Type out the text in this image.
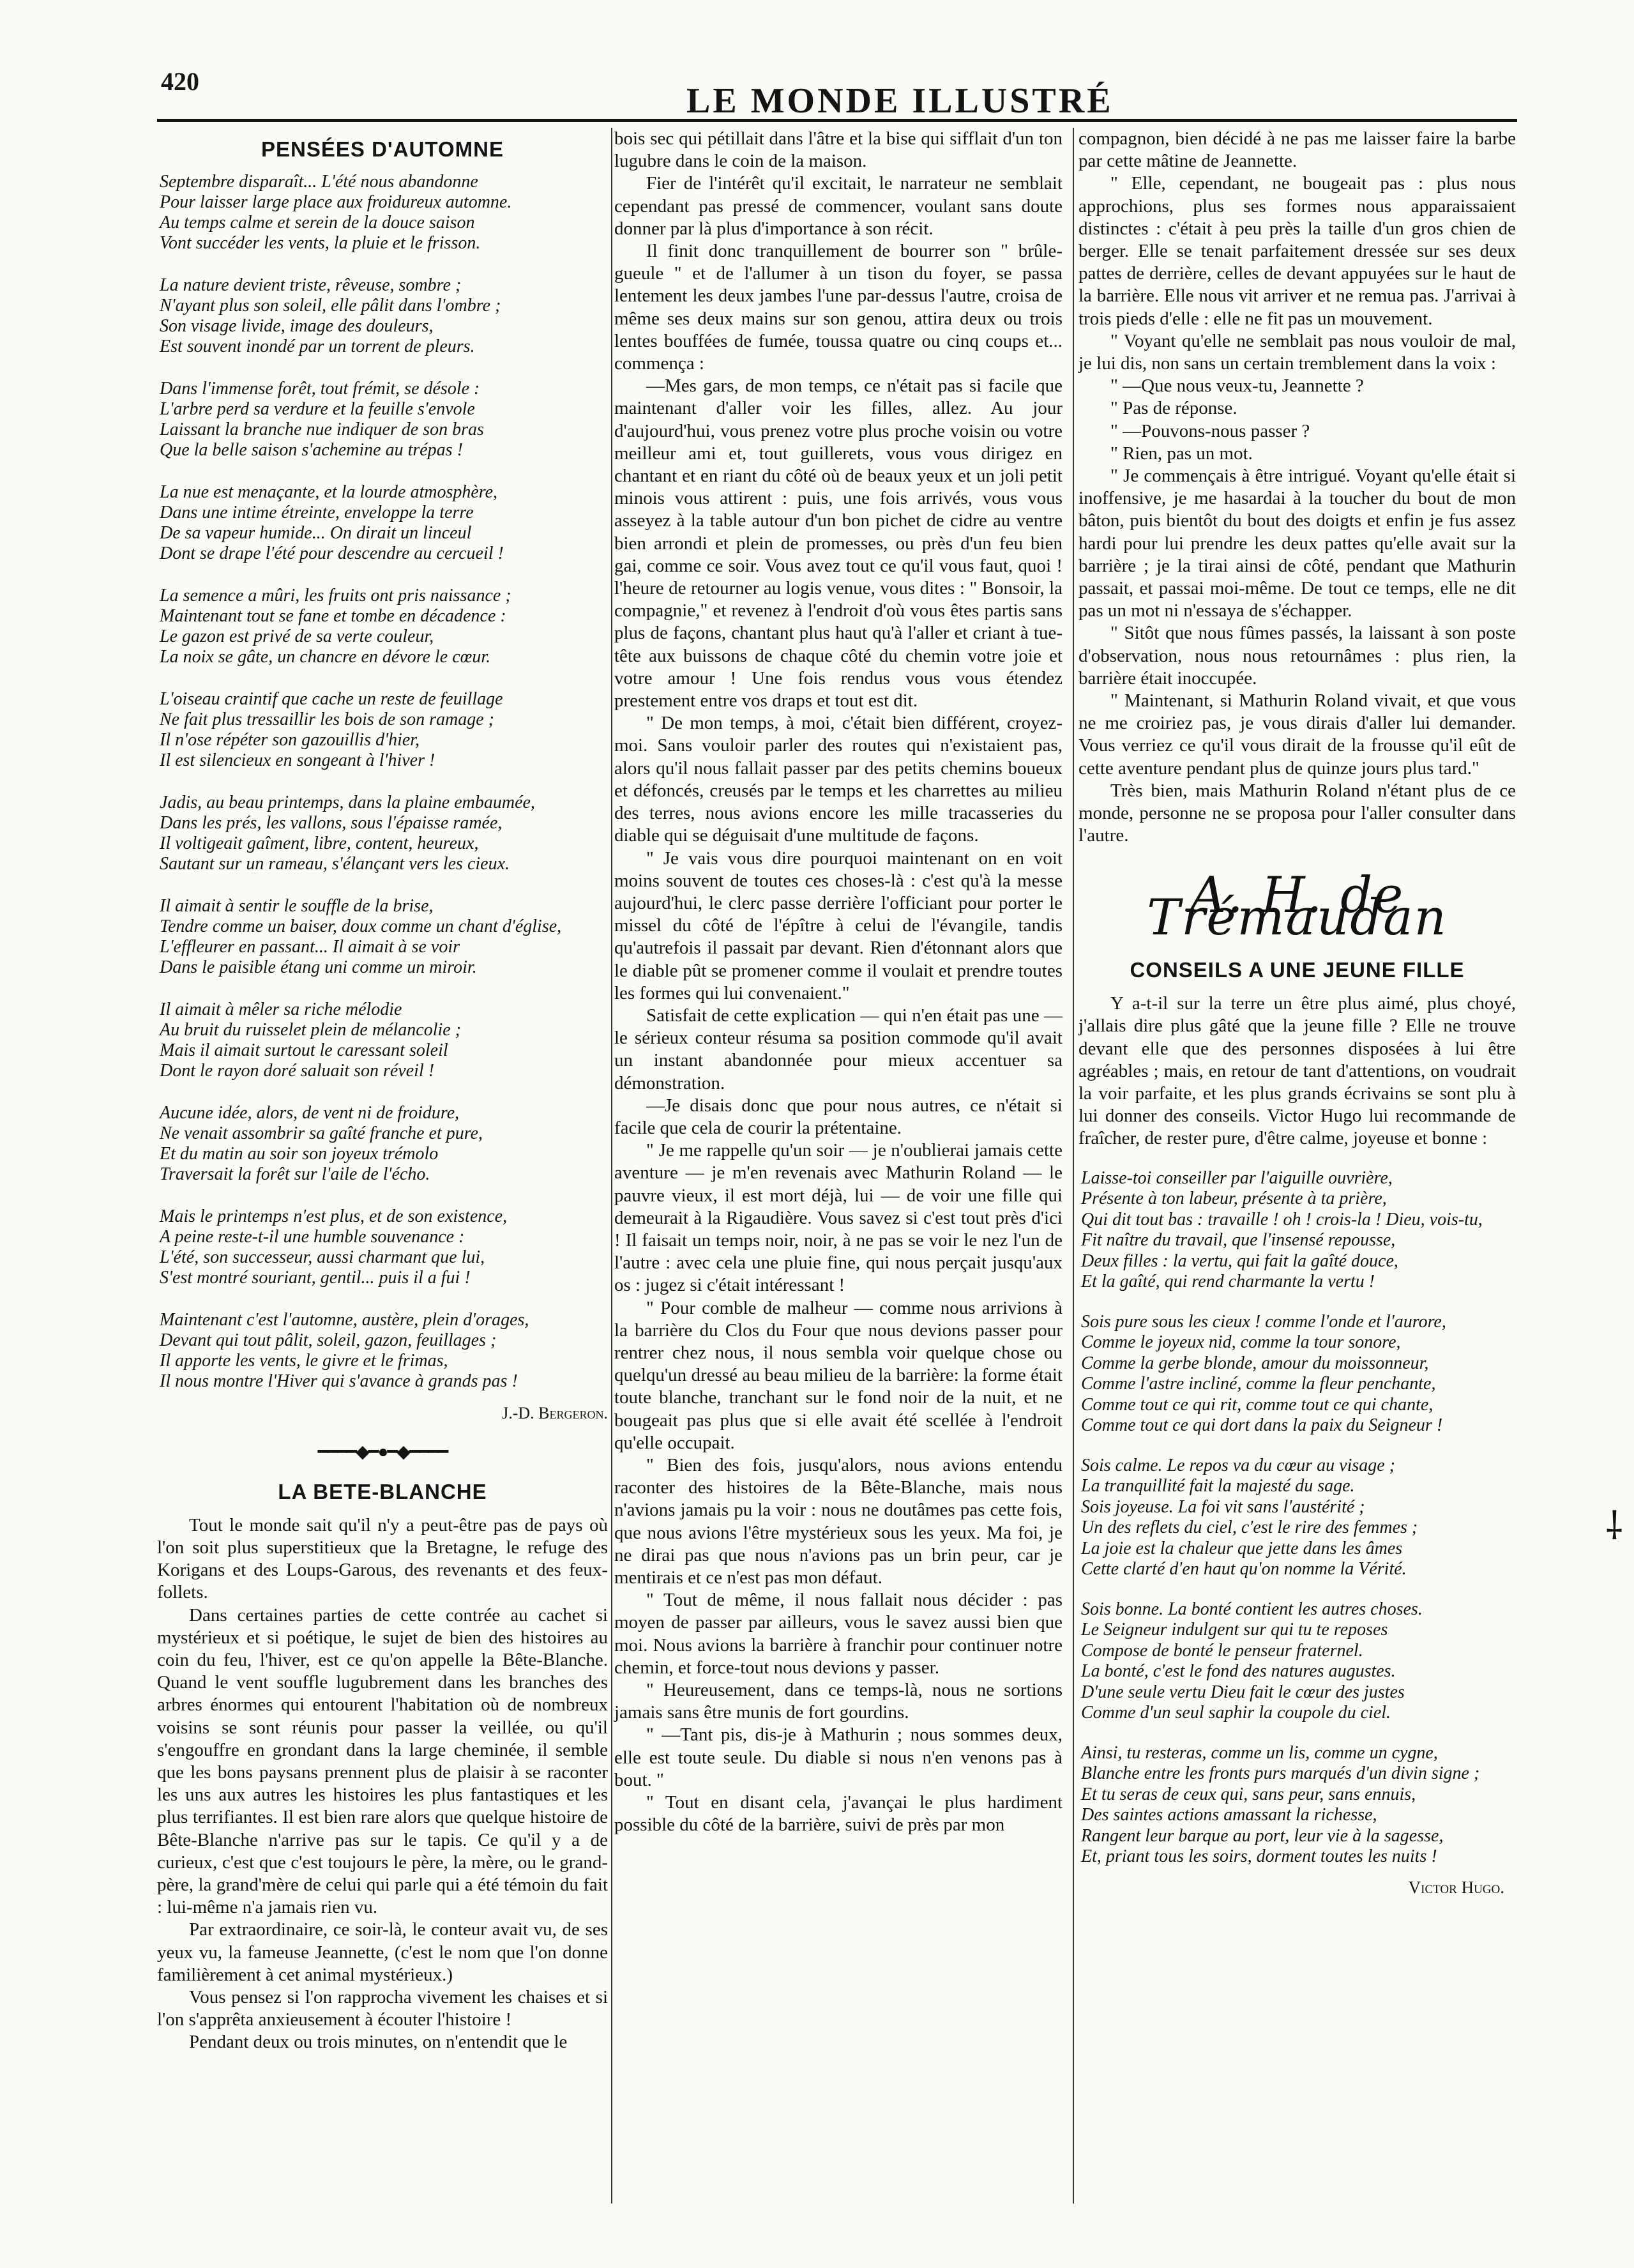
420	LE MONDE ILLUSTRÉ
PENSÉES D'AUTOMNE
Septembre disparaît... L'été nous abandonne
Pour laisser large place aux froidureux automne.
Au temps calme et serein de la douce saison
Vont succéder les vents, la pluie et le frisson.
La nature devient triste, rêveuse, sombre ;
N'ayant plus son soleil, elle pâlit dans l'ombre ;
Son visage livide, image des douleurs,
Est souvent inondé par un torrent de pleurs.
Dans l'immense forêt, tout frémit, se désole :
L'arbre perd sa verdure et la feuille s'envole
Laissant la branche nue indiquer de son bras
Que la belle saison s'achemine au trépas !
La nue est menaçante, et la lourde atmosphère,
Dans une intime étreinte, enveloppe la terre
De sa vapeur humide... On dirait un linceul
Dont se drape l'été pour descendre au cercueil !
La semence a mûri, les fruits ont pris naissance ;
Maintenant tout se fane et tombe en décadence :
Le gazon est privé de sa verte couleur,
La noix se gâte, un chancre en dévore le cœur.
L'oiseau craintif que cache un reste de feuillage
Ne fait plus tressaillir les bois de son ramage ;
Il n'ose répéter son gazouillis d'hier,
Il est silencieux en songeant à l'hiver !
Jadis, au beau printemps, dans la plaine embaumée,
Dans les prés, les vallons, sous l'épaisse ramée,
Il voltigeait gaîment, libre, content, heureux,
Sautant sur un rameau, s'élançant vers les cieux.
Il aimait à sentir le souffle de la brise,
Tendre comme un baiser, doux comme un chant d'église,
L'effleurer en passant... Il aimait à se voir
Dans le paisible étang uni comme un miroir.
Il aimait à mêler sa riche mélodie
Au bruit du ruisselet plein de mélancolie ;
Mais il aimait surtout le caressant soleil
Dont le rayon doré saluait son réveil !
Aucune idée, alors, de vent ni de froidure,
Ne venait assombrir sa gaîté franche et pure,
Et du matin au soir son joyeux trémolo
Traversait la forêt sur l'aile de l'écho.
Mais le printemps n'est plus, et de son existence,
A peine reste-t-il une humble souvenance :
L'été, son successeur, aussi charmant que lui,
S'est montré souriant, gentil... puis il a fui !
Maintenant c'est l'automne, austère, plein d'orages,
Devant qui tout pâlit, soleil, gazon, feuillages ;
Il apporte les vents, le givre et le frimas,
Il nous montre l'Hiver qui s'avance à grands pas !
J.-D. Bergeron.
━━━━◆━●━◆━━━━
LA BETE-BLANCHE

Tout le monde sait qu'il n'y a peut-être pas de pays où l'on soit plus superstitieux que la Bretagne, le refuge des Korigans et des Loups-Garous, des revenants et des feux-follets.

Dans certaines parties de cette contrée au cachet si mystérieux et si poétique, le sujet de bien des histoires au coin du feu, l'hiver, est ce qu'on appelle la Bête-Blanche. Quand le vent souffle lugubrement dans les branches des arbres énormes qui entourent l'habitation où de nombreux voisins se sont réunis pour passer la veillée, ou qu'il s'engouffre en grondant dans la large cheminée, il semble que les bons paysans prennent plus de plaisir à se raconter les uns aux autres les histoires les plus fantastiques et les plus terrifiantes. Il est bien rare alors que quelque histoire de Bête-Blanche n'arrive pas sur le tapis. Ce qu'il y a de curieux, c'est que c'est toujours le père, la mère, ou le grand-père, la grand'mère de celui qui parle qui a été témoin du fait : lui-même n'a jamais rien vu.

Par extraordinaire, ce soir-là, le conteur avait vu, de ses yeux vu, la fameuse Jeannette, (c'est le nom que l'on donne familièrement à cet animal mystérieux.)

Vous pensez si l'on rapprocha vivement les chaises et si l'on s'apprêta anxieusement à écouter l'histoire !

Pendant deux ou trois minutes, on n'entendit que le

bois sec qui pétillait dans l'âtre et la bise qui sifflait d'un ton lugubre dans le coin de la maison.

Fier de l'intérêt qu'il excitait, le narrateur ne semblait cependant pas pressé de commencer, voulant sans doute donner par là plus d'importance à son récit.

Il finit donc tranquillement de bourrer son " brûle-gueule " et de l'allumer à un tison du foyer, se passa lentement les deux jambes l'une par-dessus l'autre, croisa de même ses deux mains sur son genou, attira deux ou trois lentes bouffées de fumée, toussa quatre ou cinq coups et... commença :

—Mes gars, de mon temps, ce n'était pas si facile que maintenant d'aller voir les filles, allez. Au jour d'aujourd'hui, vous prenez votre plus proche voisin ou votre meilleur ami et, tout guillerets, vous vous dirigez en chantant et en riant du côté où de beaux yeux et un joli petit minois vous attirent : puis, une fois arrivés, vous vous asseyez à la table autour d'un bon pichet de cidre au ventre bien arrondi et plein de promesses, ou près d'un feu bien gai, comme ce soir. Vous avez tout ce qu'il vous faut, quoi ! l'heure de retourner au logis venue, vous dites : " Bonsoir, la compagnie," et revenez à l'endroit d'où vous êtes partis sans plus de façons, chantant plus haut qu'à l'aller et criant à tue-tête aux buissons de chaque côté du chemin votre joie et votre amour ! Une fois rendus vous vous étendez prestement entre vos draps et tout est dit.

" De mon temps, à moi, c'était bien différent, croyez-moi. Sans vouloir parler des routes qui n'existaient pas, alors qu'il nous fallait passer par des petits chemins boueux et défoncés, creusés par le temps et les charrettes au milieu des terres, nous avions encore les mille tracasseries du diable qui se déguisait d'une multitude de façons.

" Je vais vous dire pourquoi maintenant on en voit moins souvent de toutes ces choses-là : c'est qu'à la messe aujourd'hui, le clerc passe derrière l'officiant pour porter le missel du côté de l'épître à celui de l'évangile, tandis qu'autrefois il passait par devant. Rien d'étonnant alors que le diable pût se promener comme il voulait et prendre toutes les formes qui lui convenaient."

Satisfait de cette explication — qui n'en était pas une — le sérieux conteur résuma sa position commode qu'il avait un instant abandonnée pour mieux accentuer sa démonstration.

—Je disais donc que pour nous autres, ce n'était si facile que cela de courir la prétentaine.

" Je me rappelle qu'un soir — je n'oublierai jamais cette aventure — je m'en revenais avec Mathurin Roland — le pauvre vieux, il est mort déjà, lui — de voir une fille qui demeurait à la Rigaudière. Vous savez si c'est tout près d'ici ! Il faisait un temps noir, noir, à ne pas se voir le nez l'un de l'autre : avec cela une pluie fine, qui nous perçait jusqu'aux os : jugez si c'était intéressant !

" Pour comble de malheur — comme nous arrivions à la barrière du Clos du Four que nous devions passer pour rentrer chez nous, il nous sembla voir quelque chose ou quelqu'un dressé au beau milieu de la barrière: la forme était toute blanche, tranchant sur le fond noir de la nuit, et ne bougeait pas plus que si elle avait été scellée à l'endroit qu'elle occupait.

" Bien des fois, jusqu'alors, nous avions entendu raconter des histoires de la Bête-Blanche, mais nous n'avions jamais pu la voir : nous ne doutâmes pas cette fois, que nous avions l'être mystérieux sous les yeux. Ma foi, je ne dirai pas que nous n'avions pas un brin peur, car je mentirais et ce n'est pas mon défaut.

" Tout de même, il nous fallait nous décider : pas moyen de passer par ailleurs, vous le savez aussi bien que moi. Nous avions la barrière à franchir pour continuer notre chemin, et force-tout nous devions y passer.

" Heureusement, dans ce temps-là, nous ne sortions jamais sans être munis de fort gourdins.

" —Tant pis, dis-je à Mathurin ; nous sommes deux, elle est toute seule. Du diable si nous n'en venons pas à bout. "

" Tout en disant cela, j'avançai le plus hardiment possible du côté de la barrière, suivi de près par mon

compagnon, bien décidé à ne pas me laisser faire la barbe par cette mâtine de Jeannette.

" Elle, cependant, ne bougeait pas : plus nous approchions, plus ses formes nous apparaissaient distinctes : c'était à peu près la taille d'un gros chien de berger. Elle se tenait parfaitement dressée sur ses deux pattes de derrière, celles de devant appuyées sur le haut de la barrière. Elle nous vit arriver et ne remua pas. J'arrivai à trois pieds d'elle : elle ne fit pas un mouvement.

" Voyant qu'elle ne semblait pas nous vouloir de mal, je lui dis, non sans un certain tremblement dans la voix :

" —Que nous veux-tu, Jeannette ?

" Pas de réponse.

" —Pouvons-nous passer ?

" Rien, pas un mot.

" Je commençais à être intrigué. Voyant qu'elle était si inoffensive, je me hasardai à la toucher du bout de mon bâton, puis bientôt du bout des doigts et enfin je fus assez hardi pour lui prendre les deux pattes qu'elle avait sur la barrière ; je la tirai ainsi de côté, pendant que Mathurin passait, et passai moi-même. De tout ce temps, elle ne dit pas un mot ni n'essaya de s'échapper.

" Sitôt que nous fûmes passés, la laissant à son poste d'observation, nous nous retournâmes : plus rien, la barrière était inoccupée.

" Maintenant, si Mathurin Roland vivait, et que vous ne me croiriez pas, je vous dirais d'aller lui demander. Vous verriez ce qu'il vous dirait de la frousse qu'il eût de cette aventure pendant plus de quinze jours plus tard."

Très bien, mais Mathurin Roland n'étant plus de ce monde, personne ne se proposa pour l'aller consulter dans l'autre.

A. H. de Trémaudan
CONSEILS A UNE JEUNE FILLE

Y a-t-il sur la terre un être plus aimé, plus choyé, j'allais dire plus gâté que la jeune fille ? Elle ne trouve devant elle que des personnes disposées à lui être agréables ; mais, en retour de tant d'attentions, on voudrait la voir parfaite, et les plus grands écrivains se sont plu à lui donner des conseils. Victor Hugo lui recommande de fraîcher, de rester pure, d'être calme, joyeuse et bonne :

Laisse-toi conseiller par l'aiguille ouvrière,
Présente à ton labeur, présente à ta prière,
Qui dit tout bas : travaille ! oh ! crois-la ! Dieu, vois-tu,
Fit naître du travail, que l'insensé repousse,
Deux filles : la vertu, qui fait la gaîté douce,
Et la gaîté, qui rend charmante la vertu !
Sois pure sous les cieux ! comme l'onde et l'aurore,
Comme le joyeux nid, comme la tour sonore,
Comme la gerbe blonde, amour du moissonneur,
Comme l'astre incliné, comme la fleur penchante,
Comme tout ce qui rit, comme tout ce qui chante,
Comme tout ce qui dort dans la paix du Seigneur !
Sois calme. Le repos va du cœur au visage ;
La tranquillité fait la majesté du sage.
Sois joyeuse. La foi vit sans l'austérité ;
Un des reflets du ciel, c'est le rire des femmes ;
La joie est la chaleur que jette dans les âmes
Cette clarté d'en haut qu'on nomme la Vérité.
Sois bonne. La bonté contient les autres choses.
Le Seigneur indulgent sur qui tu te reposes
Compose de bonté le penseur fraternel.
La bonté, c'est le fond des natures augustes.
D'une seule vertu Dieu fait le cœur des justes
Comme d'un seul saphir la coupole du ciel.
Ainsi, tu resteras, comme un lis, comme un cygne,
Blanche entre les fronts purs marqués d'un divin signe ;
Et tu seras de ceux qui, sans peur, sans ennuis,
Des saintes actions amassant la richesse,
Rangent leur barque au port, leur vie à la sagesse,
Et, priant tous les soirs, dorment toutes les nuits !
Victor Hugo.
⸸
